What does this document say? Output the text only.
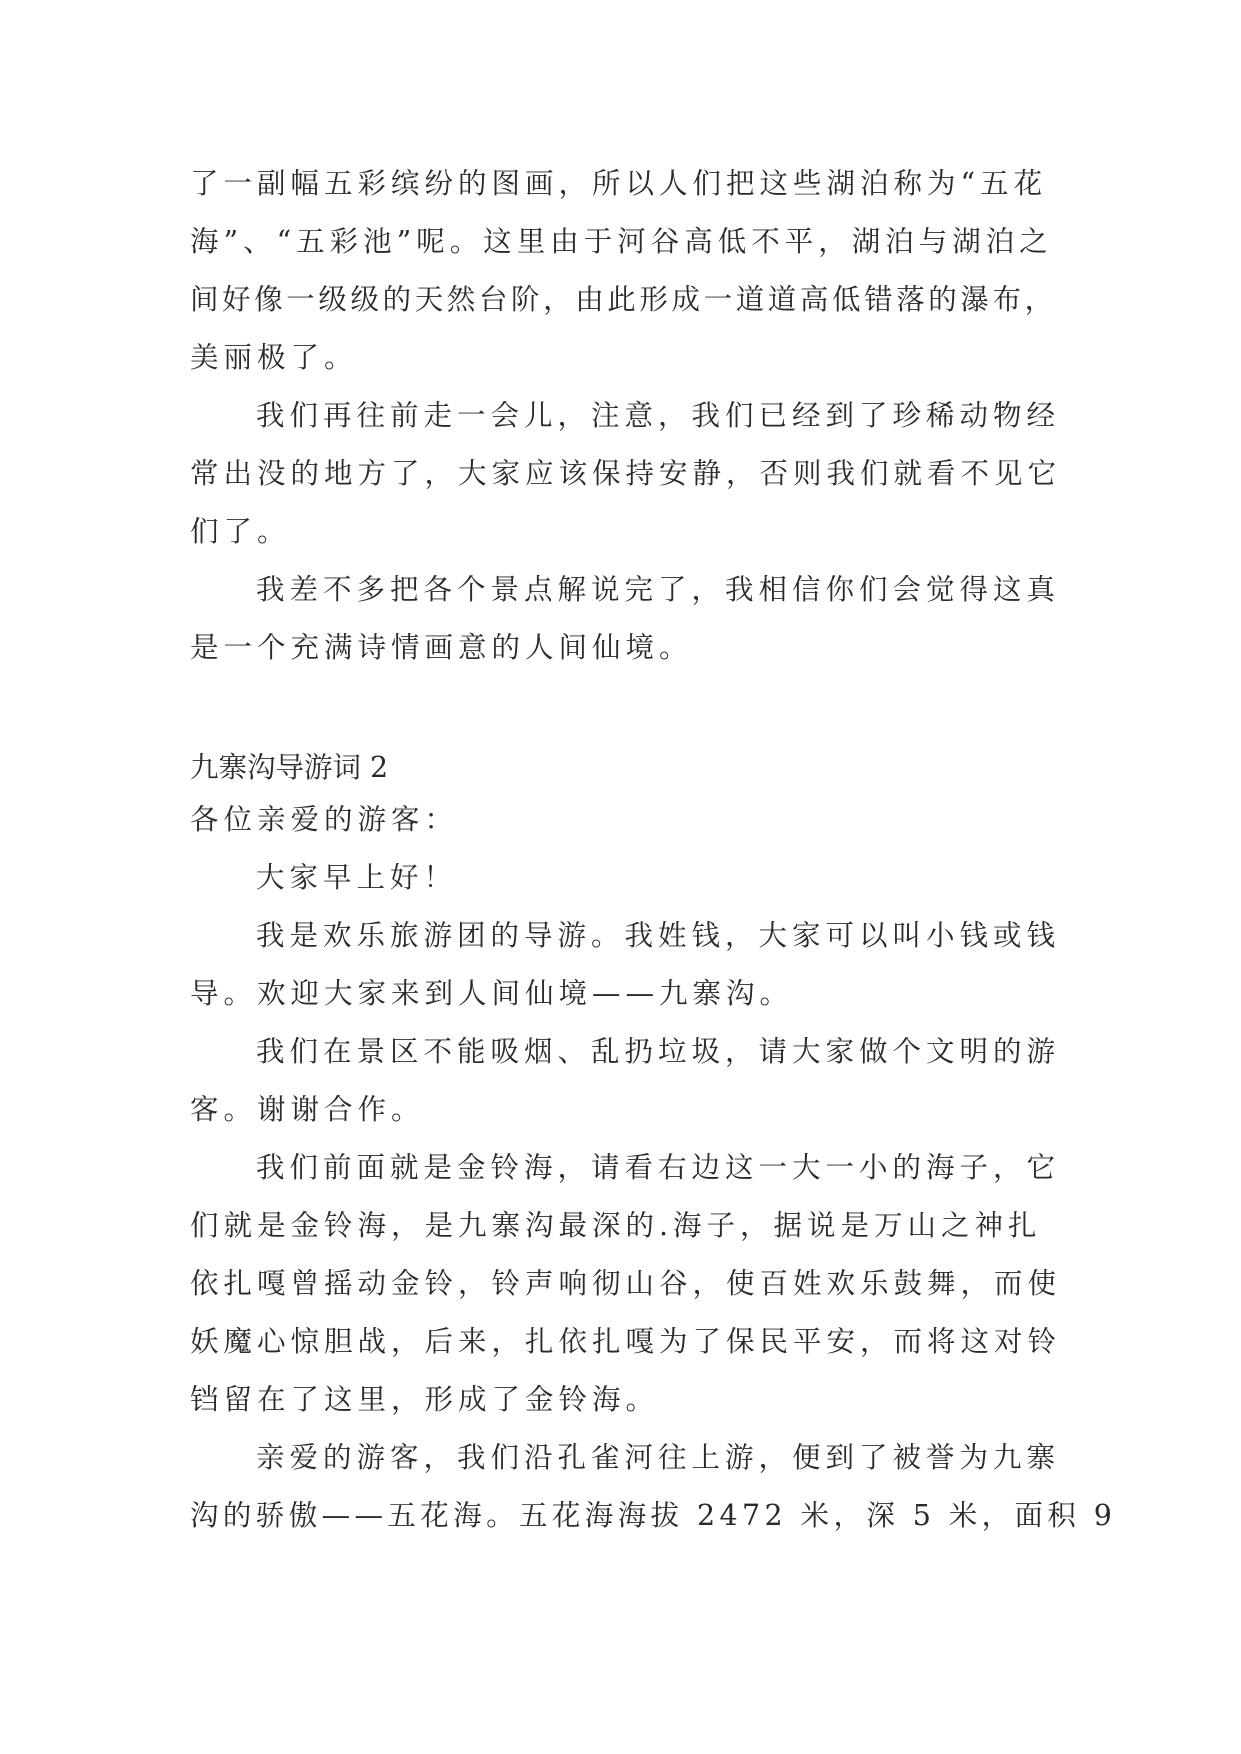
了一副幅五彩缤纷的图画，所以人们把这些湖泊称为“五花
海”、“五彩池”呢。这里由于河谷高低不平，湖泊与湖泊之
间好像一级级的天然台阶，由此形成一道道高低错落的瀑布，
美丽极了。
我们再往前走一会儿，注意，我们已经到了珍稀动物经
常出没的地方了，大家应该保持安静，否则我们就看不见它
们了。
我差不多把各个景点解说完了，我相信你们会觉得这真
是一个充满诗情画意的人间仙境。
九寨沟导游词 2
各位亲爱的游客：
大家早上好！
我是欢乐旅游团的导游。我姓钱，大家可以叫小钱或钱
导。欢迎大家来到人间仙境——九寨沟。
我们在景区不能吸烟、乱扔垃圾，请大家做个文明的游
客。谢谢合作。
我们前面就是金铃海，请看右边这一大一小的海子，它
们就是金铃海，是九寨沟最深的.海子，据说是万山之神扎
依扎嘎曾摇动金铃，铃声响彻山谷，使百姓欢乐鼓舞，而使
妖魔心惊胆战，后来，扎依扎嘎为了保民平安，而将这对铃
铛留在了这里，形成了金铃海。
亲爱的游客，我们沿孔雀河往上游，便到了被誉为九寨
沟的骄傲——五花海。五花海海拔 2472 米，深 5 米，面积 9
